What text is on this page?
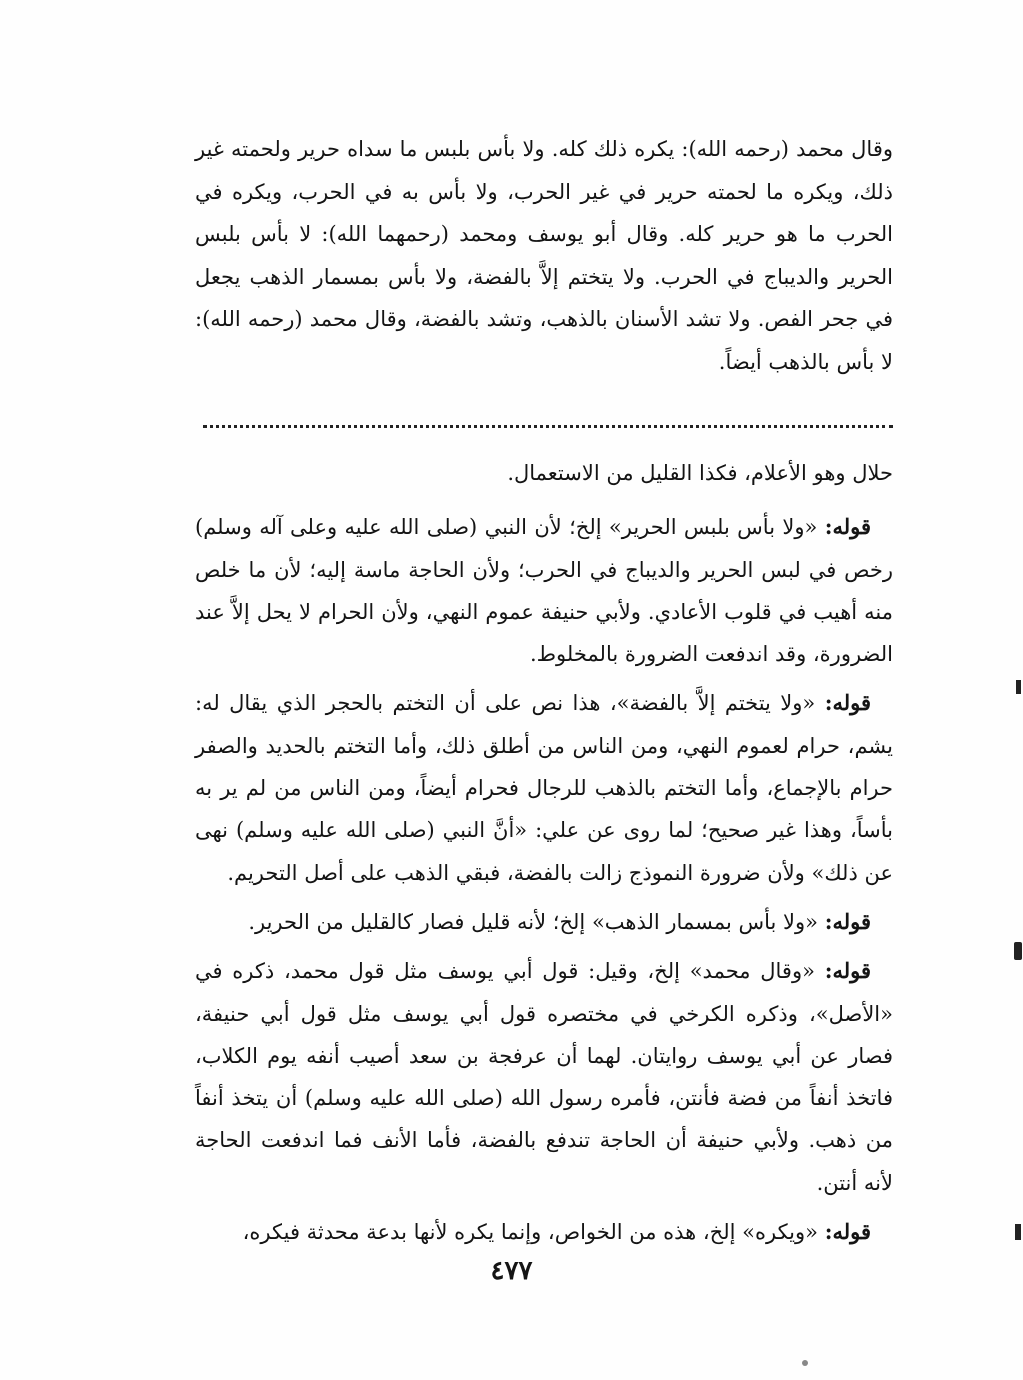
وقال محمد (رحمه الله): يكره ذلك كله. ولا بأس بلبس ما سداه حرير ولحمته غير ذلك، ويكره ما لحمته حرير في غير الحرب، ولا بأس به في الحرب، ويكره في الحرب ما هو حرير كله. وقال أبو يوسف ومحمد (رحمهما الله): لا بأس بلبس الحرير والديباج في الحرب. ولا يتختم إلاَّ بالفضة، ولا بأس بمسمار الذهب يجعل في جحر الفص. ولا تشد الأسنان بالذهب، وتشد بالفضة، وقال محمد (رحمه الله): لا بأس بالذهب أيضاً.

حلال وهو الأعلام، فكذا القليل من الاستعمال.

قوله: «ولا بأس بلبس الحرير» إلخ؛ لأن النبي (صلى الله عليه وعلى آله وسلم) رخص في لبس الحرير والديباج في الحرب؛ ولأن الحاجة ماسة إليه؛ لأن ما خلص منه أهيب في قلوب الأعادي. ولأبي حنيفة عموم النهي، ولأن الحرام لا يحل إلاَّ عند الضرورة، وقد اندفعت الضرورة بالمخلوط.

قوله: «ولا يتختم إلاَّ بالفضة»، هذا نص على أن التختم بالحجر الذي يقال له: يشم، حرام لعموم النهي، ومن الناس من أطلق ذلك، وأما التختم بالحديد والصفر حرام بالإجماع، وأما التختم بالذهب للرجال فحرام أيضاً، ومن الناس من لم ير به بأساً، وهذا غير صحيح؛ لما روى عن علي: «أنَّ النبي (صلى الله عليه وسلم) نهى عن ذلك» ولأن ضرورة النموذج زالت بالفضة، فبقي الذهب على أصل التحريم.

قوله: «ولا بأس بمسمار الذهب» إلخ؛ لأنه قليل فصار كالقليل من الحرير.

قوله: «وقال محمد» إلخ، وقيل: قول أبي يوسف مثل قول محمد، ذكره في «الأصل»، وذكره الكرخي في مختصره قول أبي يوسف مثل قول أبي حنيفة، فصار عن أبي يوسف روايتان. لهما أن عرفجة بن سعد أصيب أنفه يوم الكلاب، فاتخذ أنفاً من فضة فأنتن، فأمره رسول الله (صلى الله عليه وسلم) أن يتخذ أنفاً من ذهب. ولأبي حنيفة أن الحاجة تندفع بالفضة، فأما الأنف فما اندفعت الحاجة لأنه أنتن.

قوله: «ويكره» إلخ، هذه من الخواص، وإنما يكره لأنها بدعة محدثة فيكره،

٤٧٧
